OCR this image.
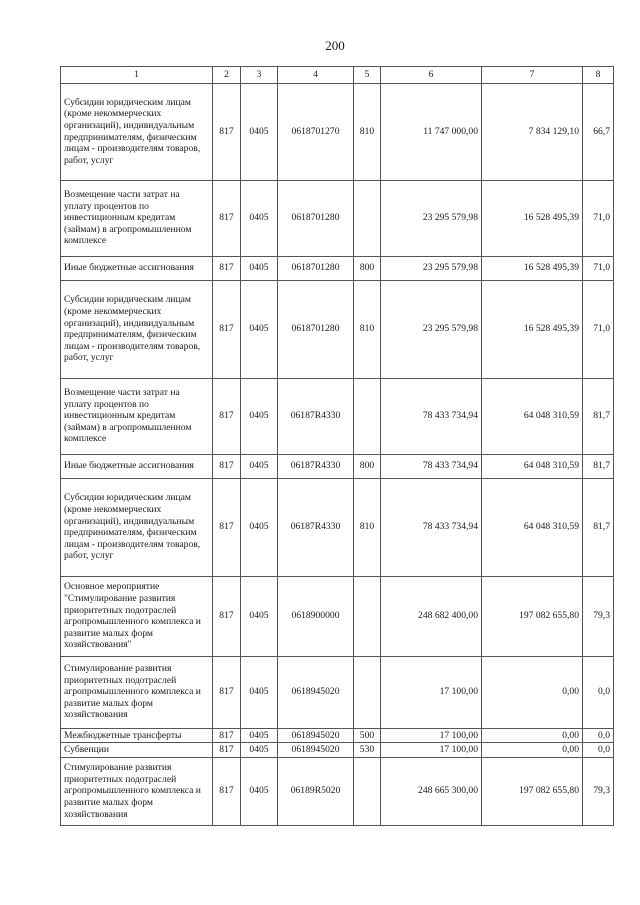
200
1	2	3	4	5	6	7	8
Субсидии юридическим лицам (кроме некоммерческих организаций), индивидуальным предпринимателям, физическим лицам - производителям товаров, работ, услуг	817	0405	0618701270	810	11 747 000,00	7 834 129,10	66,7
Возмещение части затрат на уплату процентов по инвестиционным кредитам (займам) в агропромышленном комплексе	817	0405	0618701280		23 295 579,98	16 528 495,39	71,0
Иные бюджетные ассигнования	817	0405	0618701280	800	23 295 579,98	16 528 495,39	71,0
Субсидии юридическим лицам (кроме некоммерческих организаций), индивидуальным предпринимателям, физическим лицам - производителям товаров, работ, услуг	817	0405	0618701280	810	23 295 579,98	16 528 495,39	71,0
Возмещение части затрат на уплату процентов по инвестиционным кредитам (займам) в агропромышленном комплексе	817	0405	06187R4330		78 433 734,94	64 048 310,59	81,7
Иные бюджетные ассигнования	817	0405	06187R4330	800	78 433 734,94	64 048 310,59	81,7
Субсидии юридическим лицам (кроме некоммерческих организаций), индивидуальным предпринимателям, физическим лицам - производителям товаров, работ, услуг	817	0405	06187R4330	810	78 433 734,94	64 048 310,59	81,7
Основное мероприятие "Стимулирование развития приоритетных подотраслей агропромышленного комплекса и развитие малых форм хозяйствования"	817	0405	0618900000		248 682 400,00	197 082 655,80	79,3
Стимулирование развития приоритетных подотраслей агропромышленного комплекса и развитие малых форм хозяйствования	817	0405	0618945020		17 100,00	0,00	0,0
Межбюджетные трансферты	817	0405	0618945020	500	17 100,00	0,00	0,0
Субвенции	817	0405	0618945020	530	17 100,00	0,00	0,0
Стимулирование развития приоритетных подотраслей агропромышленного комплекса и развитие малых форм хозяйствования	817	0405	06189R5020		248 665 300,00	197 082 655,80	79,3
